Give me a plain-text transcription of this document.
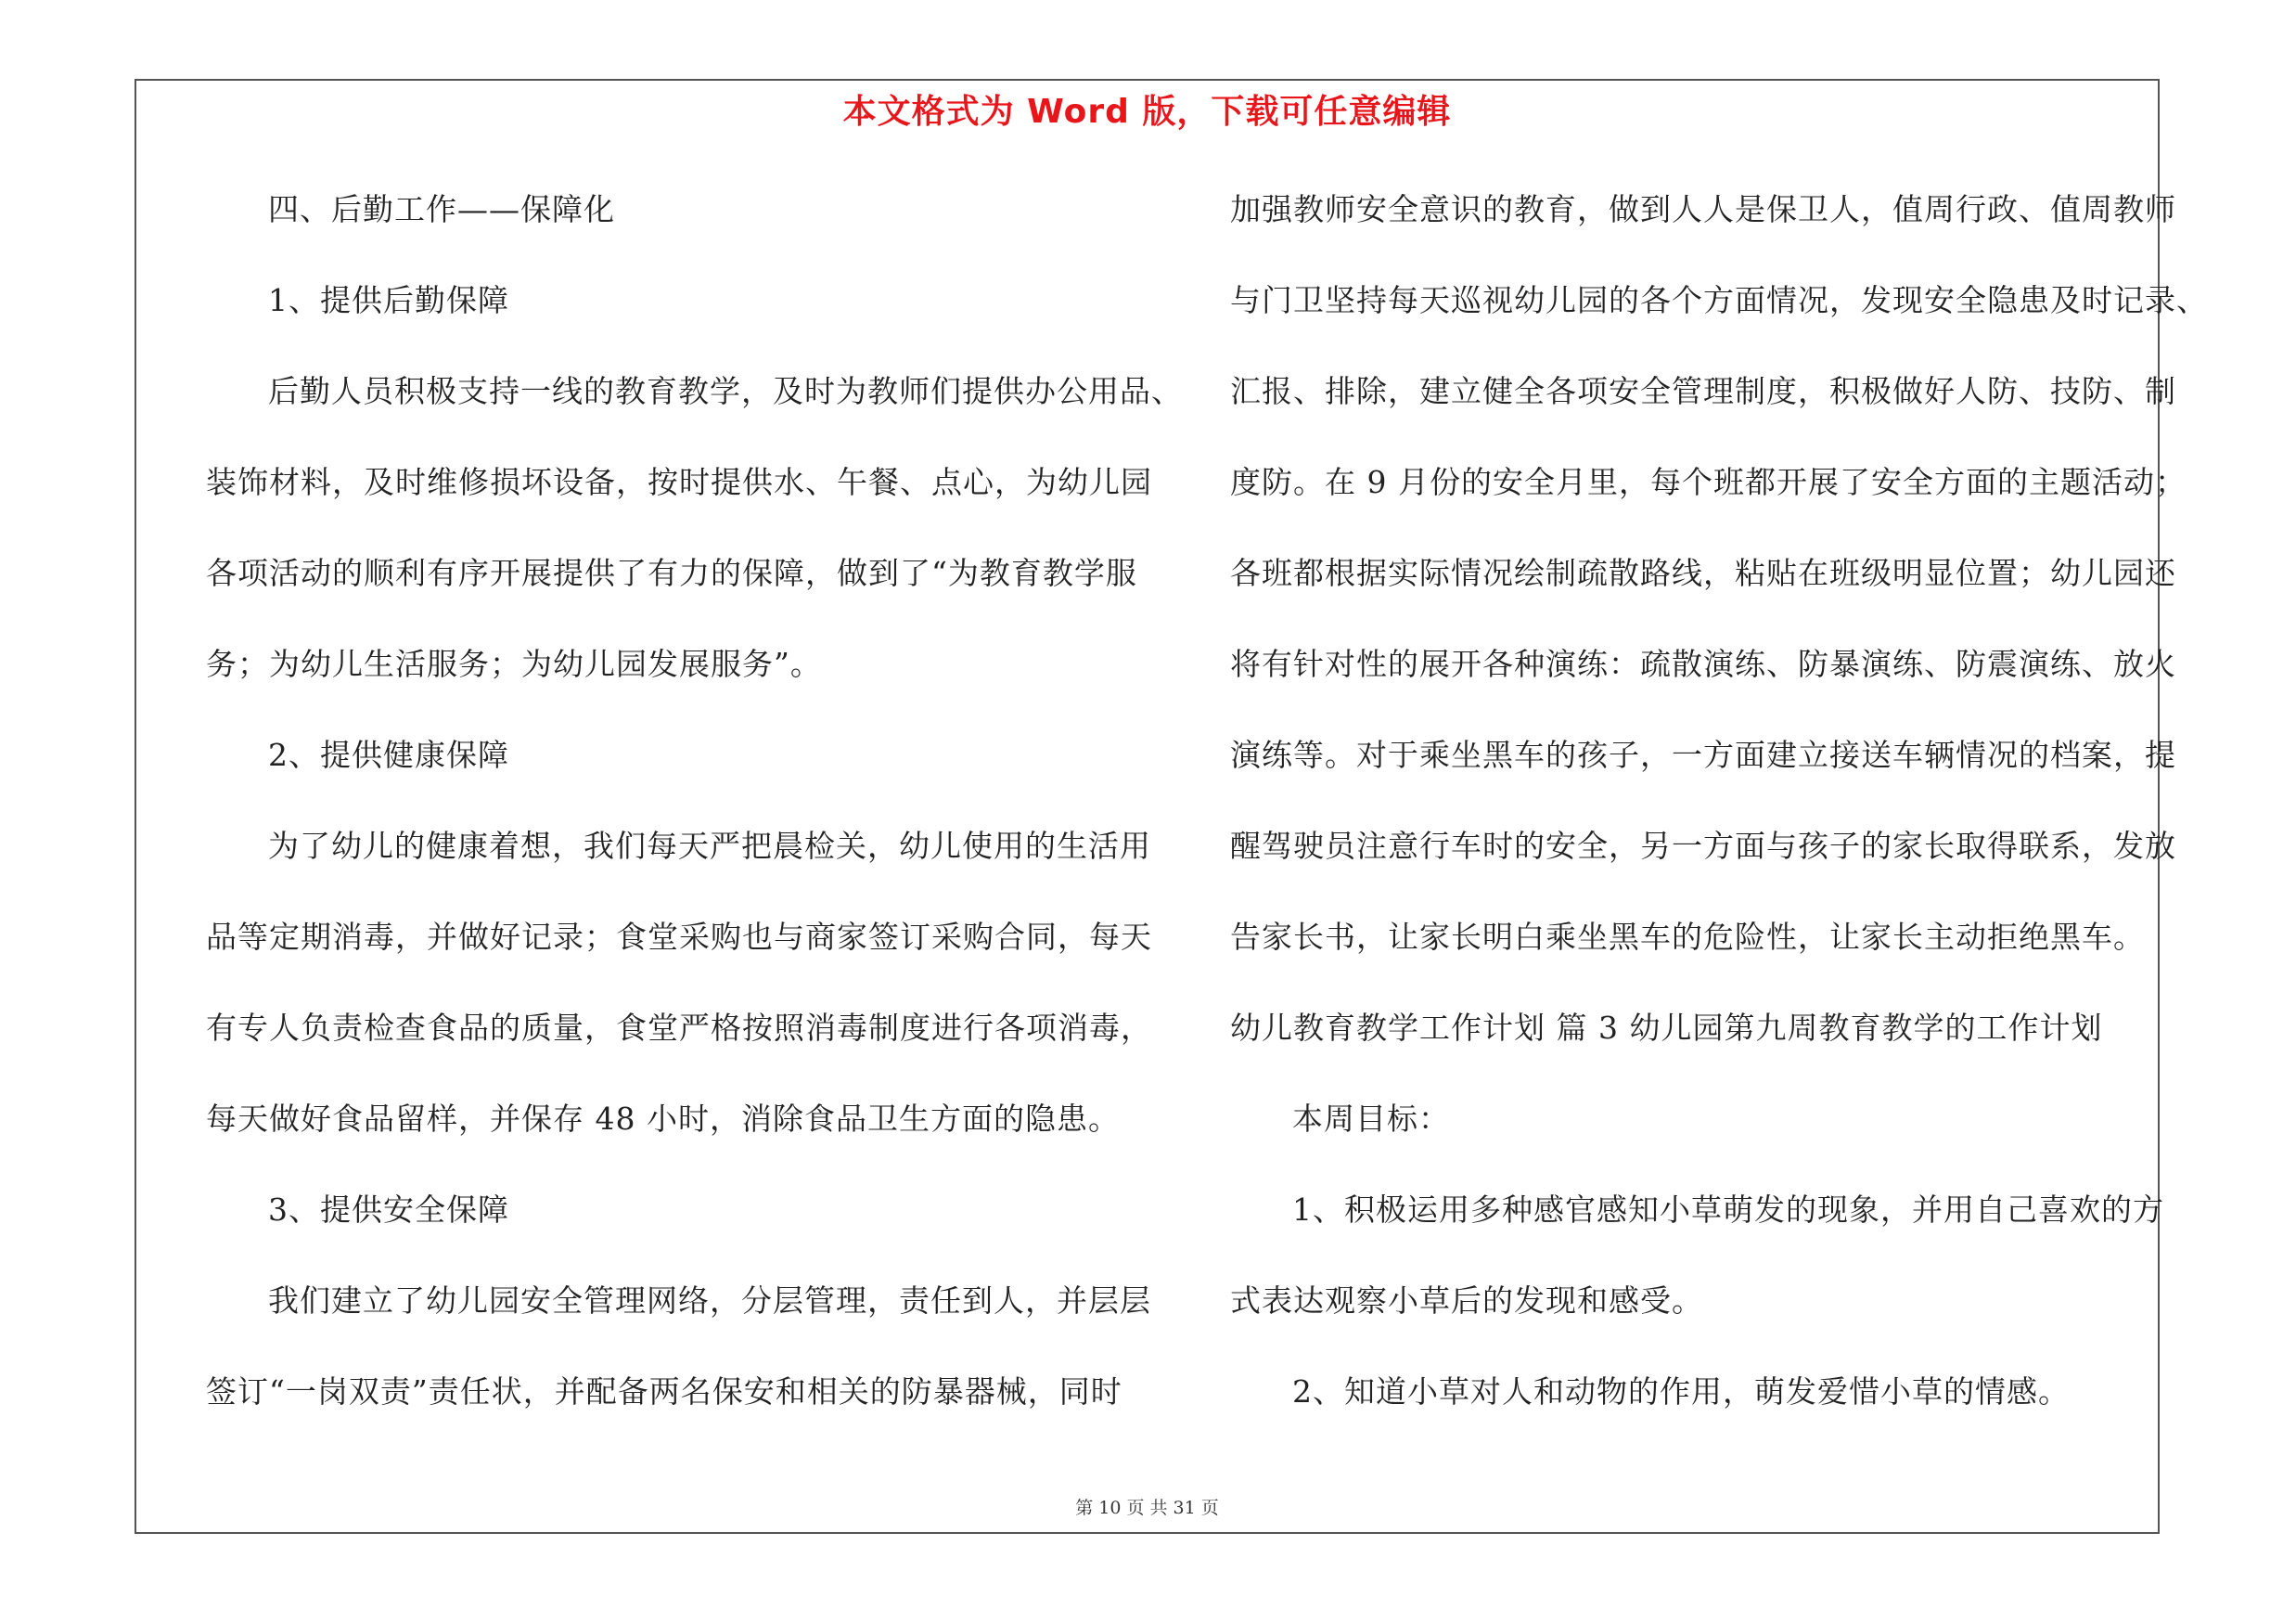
本文格式为 Word 版，下载可任意编辑
四、后勤工作——保障化
1、提供后勤保障
后勤人员积极支持一线的教育教学，及时为教师们提供办公用品、
装饰材料，及时维修损坏设备，按时提供水、午餐、点心，为幼儿园
各项活动的顺利有序开展提供了有力的保障，做到了“为教育教学服
务；为幼儿生活服务；为幼儿园发展服务”。
2、提供健康保障
为了幼儿的健康着想，我们每天严把晨检关，幼儿使用的生活用
品等定期消毒，并做好记录；食堂采购也与商家签订采购合同，每天
有专人负责检查食品的质量，食堂严格按照消毒制度进行各项消毒，
每天做好食品留样，并保存 48 小时，消除食品卫生方面的隐患。
3、提供安全保障
我们建立了幼儿园安全管理网络，分层管理，责任到人，并层层
签订“一岗双责”责任状，并配备两名保安和相关的防暴器械，同时
加强教师安全意识的教育，做到人人是保卫人，值周行政、值周教师
与门卫坚持每天巡视幼儿园的各个方面情况，发现安全隐患及时记录、
汇报、排除，建立健全各项安全管理制度，积极做好人防、技防、制
度防。在 9 月份的安全月里，每个班都开展了安全方面的主题活动；
各班都根据实际情况绘制疏散路线，粘贴在班级明显位置；幼儿园还
将有针对性的展开各种演练：疏散演练、防暴演练、防震演练、放火
演练等。对于乘坐黑车的孩子，一方面建立接送车辆情况的档案，提
醒驾驶员注意行车时的安全，另一方面与孩子的家长取得联系，发放
告家长书，让家长明白乘坐黑车的危险性，让家长主动拒绝黑车。
幼儿教育教学工作计划 篇 3 幼儿园第九周教育教学的工作计划
本周目标：
1、积极运用多种感官感知小草萌发的现象，并用自己喜欢的方
式表达观察小草后的发现和感受。
2、知道小草对人和动物的作用，萌发爱惜小草的情感。
第 10 页 共 31 页
